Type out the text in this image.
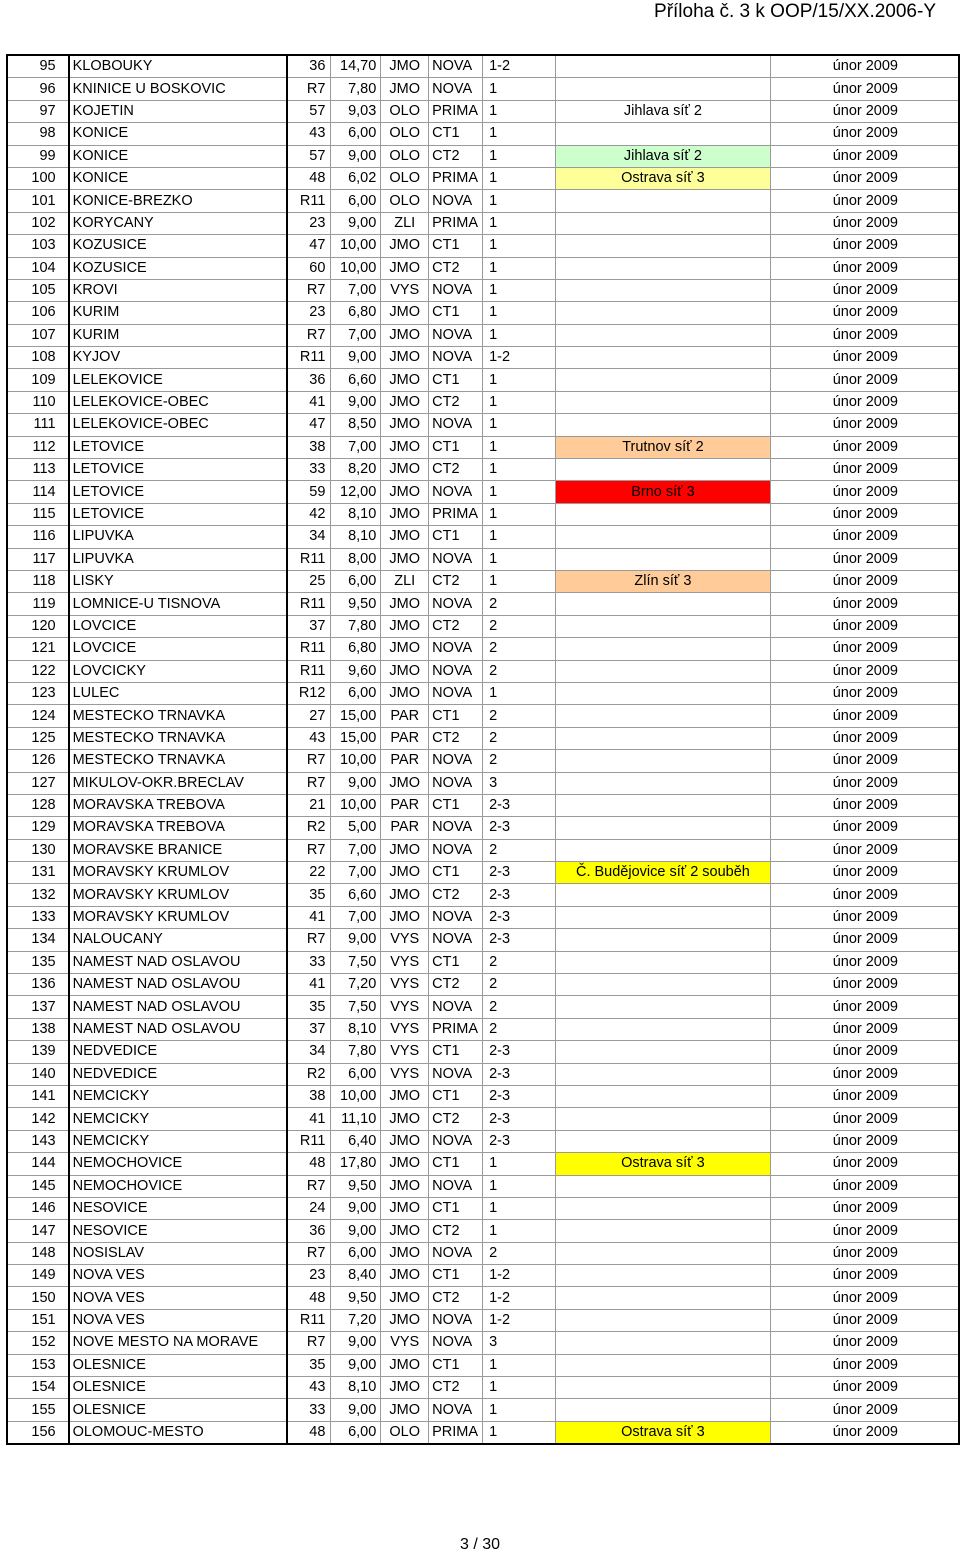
Příloha č. 3 k OOP/15/XX.2006-Y
95	KLOBOUKY	36	14,70	JMO	NOVA	1-2		únor 2009
96	KNINICE U BOSKOVIC	R7	7,80	JMO	NOVA	1		únor 2009
97	KOJETIN	57	9,03	OLO	PRIMA	1	Jihlava síť 2	únor 2009
98	KONICE	43	6,00	OLO	CT1	1		únor 2009
99	KONICE	57	9,00	OLO	CT2	1	Jihlava síť 2	únor 2009
100	KONICE	48	6,02	OLO	PRIMA	1	Ostrava síť 3	únor 2009
101	KONICE-BREZKO	R11	6,00	OLO	NOVA	1		únor 2009
102	KORYCANY	23	9,00	ZLI	PRIMA	1		únor 2009
103	KOZUSICE	47	10,00	JMO	CT1	1		únor 2009
104	KOZUSICE	60	10,00	JMO	CT2	1		únor 2009
105	KROVI	R7	7,00	VYS	NOVA	1		únor 2009
106	KURIM	23	6,80	JMO	CT1	1		únor 2009
107	KURIM	R7	7,00	JMO	NOVA	1		únor 2009
108	KYJOV	R11	9,00	JMO	NOVA	1-2		únor 2009
109	LELEKOVICE	36	6,60	JMO	CT1	1		únor 2009
110	LELEKOVICE-OBEC	41	9,00	JMO	CT2	1		únor 2009
111	LELEKOVICE-OBEC	47	8,50	JMO	NOVA	1		únor 2009
112	LETOVICE	38	7,00	JMO	CT1	1	Trutnov síť 2	únor 2009
113	LETOVICE	33	8,20	JMO	CT2	1		únor 2009
114	LETOVICE	59	12,00	JMO	NOVA	1	Brno síť 3	únor 2009
115	LETOVICE	42	8,10	JMO	PRIMA	1		únor 2009
116	LIPUVKA	34	8,10	JMO	CT1	1		únor 2009
117	LIPUVKA	R11	8,00	JMO	NOVA	1		únor 2009
118	LISKY	25	6,00	ZLI	CT2	1	Zlín síť 3	únor 2009
119	LOMNICE-U TISNOVA	R11	9,50	JMO	NOVA	2		únor 2009
120	LOVCICE	37	7,80	JMO	CT2	2		únor 2009
121	LOVCICE	R11	6,80	JMO	NOVA	2		únor 2009
122	LOVCICKY	R11	9,60	JMO	NOVA	2		únor 2009
123	LULEC	R12	6,00	JMO	NOVA	1		únor 2009
124	MESTECKO TRNAVKA	27	15,00	PAR	CT1	2		únor 2009
125	MESTECKO TRNAVKA	43	15,00	PAR	CT2	2		únor 2009
126	MESTECKO TRNAVKA	R7	10,00	PAR	NOVA	2		únor 2009
127	MIKULOV-OKR.BRECLAV	R7	9,00	JMO	NOVA	3		únor 2009
128	MORAVSKA TREBOVA	21	10,00	PAR	CT1	2-3		únor 2009
129	MORAVSKA TREBOVA	R2	5,00	PAR	NOVA	2-3		únor 2009
130	MORAVSKE BRANICE	R7	7,00	JMO	NOVA	2		únor 2009
131	MORAVSKY KRUMLOV	22	7,00	JMO	CT1	2-3	Č. Budějovice síť 2 souběh	únor 2009
132	MORAVSKY KRUMLOV	35	6,60	JMO	CT2	2-3		únor 2009
133	MORAVSKY KRUMLOV	41	7,00	JMO	NOVA	2-3		únor 2009
134	NALOUCANY	R7	9,00	VYS	NOVA	2-3		únor 2009
135	NAMEST NAD OSLAVOU	33	7,50	VYS	CT1	2		únor 2009
136	NAMEST NAD OSLAVOU	41	7,20	VYS	CT2	2		únor 2009
137	NAMEST NAD OSLAVOU	35	7,50	VYS	NOVA	2		únor 2009
138	NAMEST NAD OSLAVOU	37	8,10	VYS	PRIMA	2		únor 2009
139	NEDVEDICE	34	7,80	VYS	CT1	2-3		únor 2009
140	NEDVEDICE	R2	6,00	VYS	NOVA	2-3		únor 2009
141	NEMCICKY	38	10,00	JMO	CT1	2-3		únor 2009
142	NEMCICKY	41	11,10	JMO	CT2	2-3		únor 2009
143	NEMCICKY	R11	6,40	JMO	NOVA	2-3		únor 2009
144	NEMOCHOVICE	48	17,80	JMO	CT1	1	Ostrava síť 3	únor 2009
145	NEMOCHOVICE	R7	9,50	JMO	NOVA	1		únor 2009
146	NESOVICE	24	9,00	JMO	CT1	1		únor 2009
147	NESOVICE	36	9,00	JMO	CT2	1		únor 2009
148	NOSISLAV	R7	6,00	JMO	NOVA	2		únor 2009
149	NOVA VES	23	8,40	JMO	CT1	1-2		únor 2009
150	NOVA VES	48	9,50	JMO	CT2	1-2		únor 2009
151	NOVA VES	R11	7,20	JMO	NOVA	1-2		únor 2009
152	NOVE MESTO NA MORAVE	R7	9,00	VYS	NOVA	3		únor 2009
153	OLESNICE	35	9,00	JMO	CT1	1		únor 2009
154	OLESNICE	43	8,10	JMO	CT2	1		únor 2009
155	OLESNICE	33	9,00	JMO	NOVA	1		únor 2009
156	OLOMOUC-MESTO	48	6,00	OLO	PRIMA	1	Ostrava síť 3	únor 2009
3 / 30
